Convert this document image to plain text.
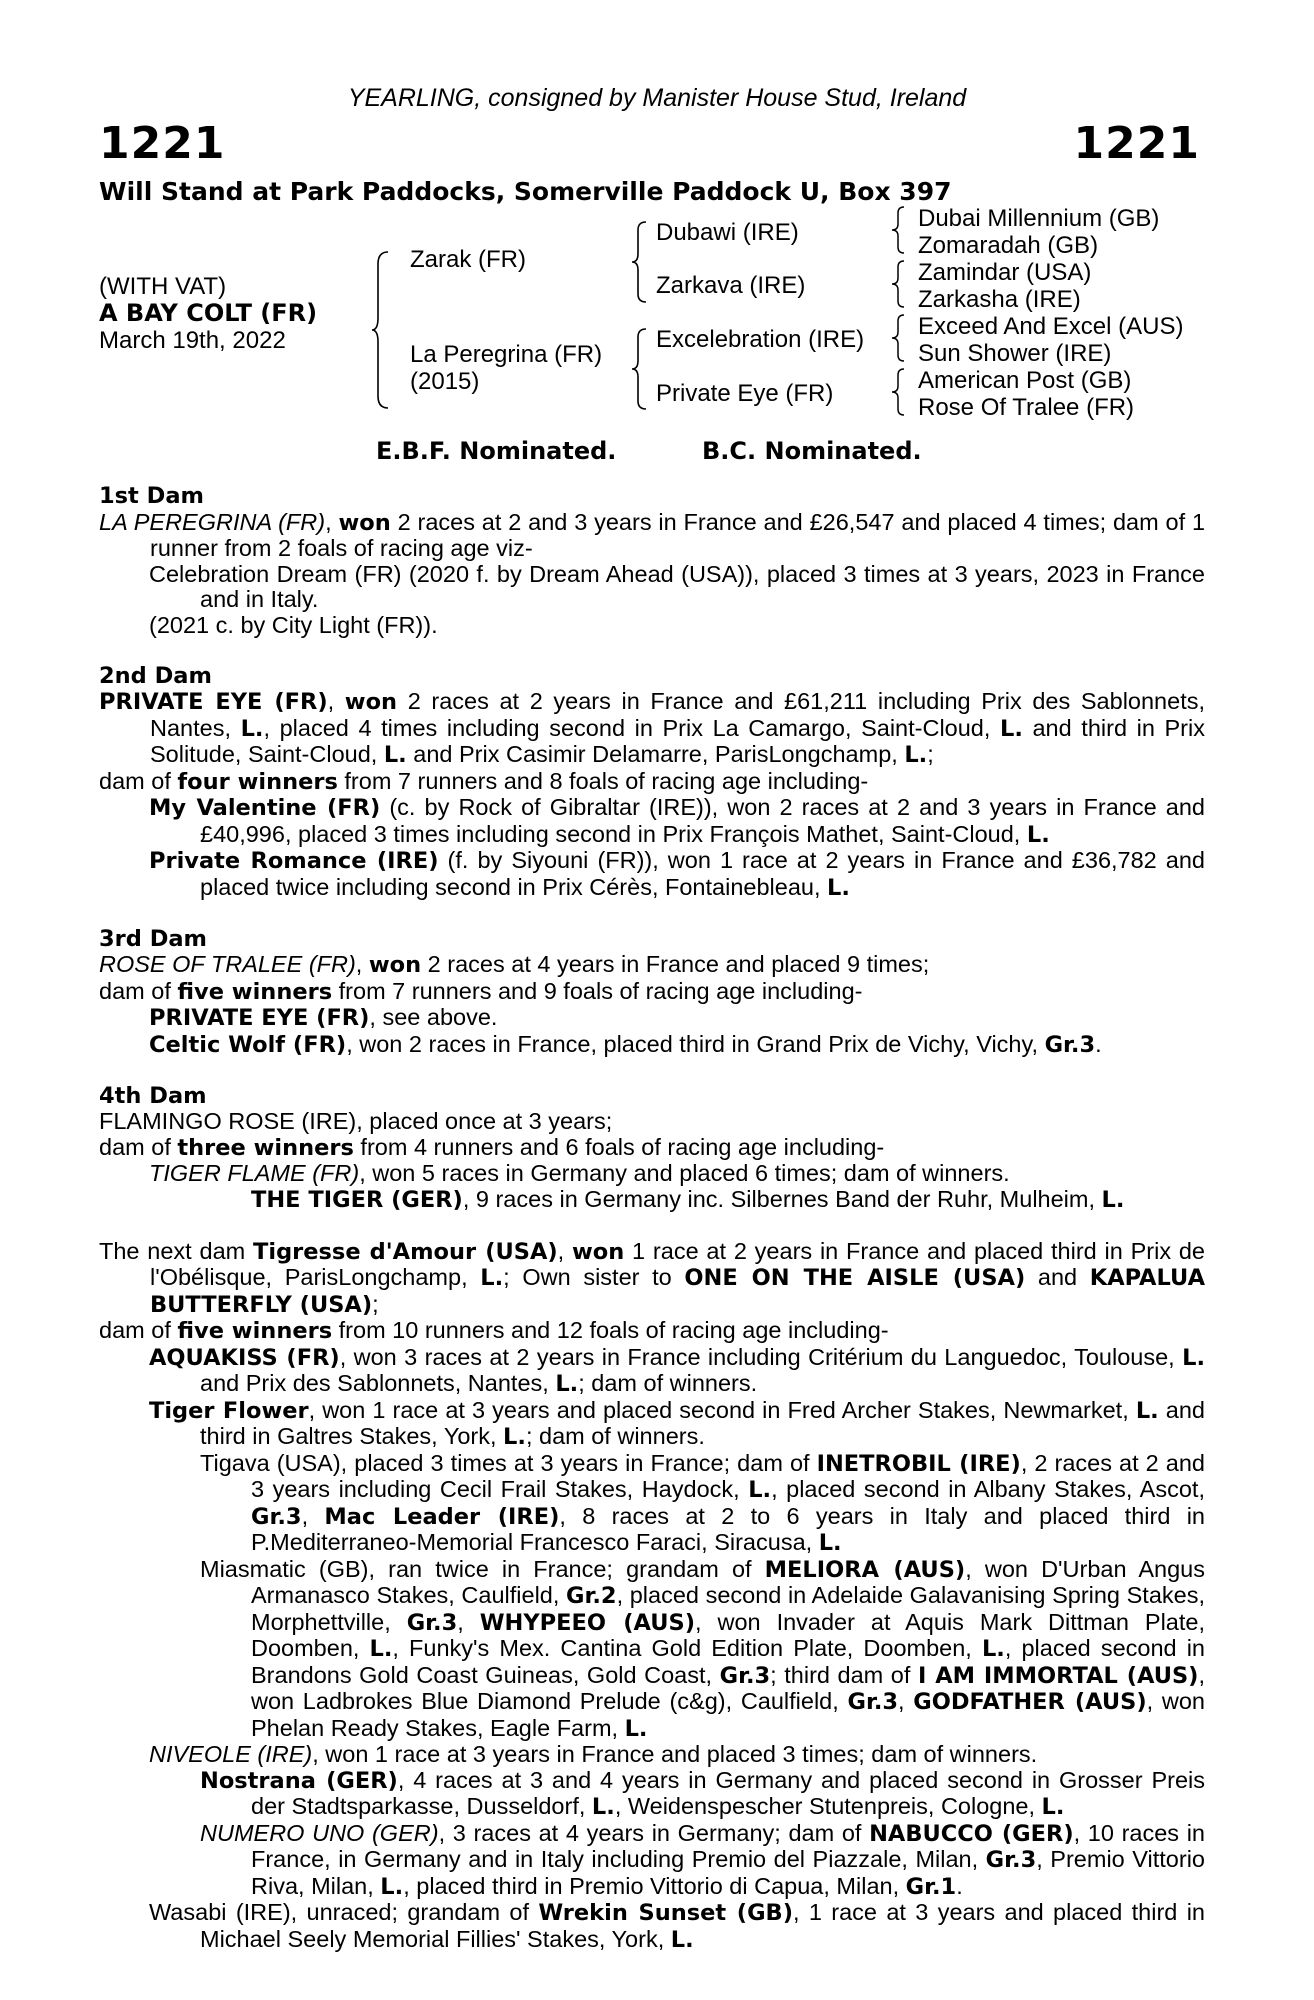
YEARLING, consigned by Manister House Stud, Ireland
1221	1221
Will Stand at Park Paddocks, Somerville Paddock U, Box 397
(WITH VAT)
A BAY COLT (FR)
March 19th, 2022
Zarak (FR)
La Peregrina (FR)
(2015)
Dubawi (IRE)
Zarkava (IRE)
Excelebration (IRE)
Private Eye (FR)
Dubai Millennium (GB)
Zomaradah (GB)
Zamindar (USA)
Zarkasha (IRE)
Exceed And Excel (AUS)
Sun Shower (IRE)
American Post (GB)
Rose Of Tralee (FR)
E.B.F. Nominated.	B.C. Nominated.
1st Dam
LA PEREGRINA (FR), won 2 races at 2 and 3 years in France and £26,547 and placed 4 times; dam of 1 runner from 2 foals of racing age viz-
Celebration Dream (FR) (2020 f. by Dream Ahead (USA)), placed 3 times at 3 years, 2023 in France and in Italy.
(2021 c. by City Light (FR)).
2nd Dam
PRIVATE EYE (FR), won 2 races at 2 years in France and £61,211 including Prix des Sablonnets, Nantes, L., placed 4 times including second in Prix La Camargo, Saint-Cloud, L. and third in Prix Solitude, Saint-Cloud, L. and Prix Casimir Delamarre, ParisLongchamp, L.;
dam of four winners from 7 runners and 8 foals of racing age including-
My Valentine (FR) (c. by Rock of Gibraltar (IRE)), won 2 races at 2 and 3 years in France and £40,996, placed 3 times including second in Prix François Mathet, Saint-Cloud, L.
Private Romance (IRE) (f. by Siyouni (FR)), won 1 race at 2 years in France and £36,782 and placed twice including second in Prix Cérès, Fontainebleau, L.
3rd Dam
ROSE OF TRALEE (FR), won 2 races at 4 years in France and placed 9 times;
dam of five winners from 7 runners and 9 foals of racing age including-
PRIVATE EYE (FR), see above.
Celtic Wolf (FR), won 2 races in France, placed third in Grand Prix de Vichy, Vichy, Gr.3.
4th Dam
FLAMINGO ROSE (IRE), placed once at 3 years;
dam of three winners from 4 runners and 6 foals of racing age including-
TIGER FLAME (FR), won 5 races in Germany and placed 6 times; dam of winners.
THE TIGER (GER), 9 races in Germany inc. Silbernes Band der Ruhr, Mulheim, L.
The next dam Tigresse d'Amour (USA), won 1 race at 2 years in France and placed third in Prix de l'Obélisque, ParisLongchamp, L.; Own sister to ONE ON THE AISLE (USA) and KAPALUA BUTTERFLY (USA);
dam of five winners from 10 runners and 12 foals of racing age including-
AQUAKISS (FR), won 3 races at 2 years in France including Critérium du Languedoc, Toulouse, L. and Prix des Sablonnets, Nantes, L.; dam of winners.
Tiger Flower, won 1 race at 3 years and placed second in Fred Archer Stakes, Newmarket, L. and third in Galtres Stakes, York, L.; dam of winners.
Tigava (USA), placed 3 times at 3 years in France; dam of INETROBIL (IRE), 2 races at 2 and 3 years including Cecil Frail Stakes, Haydock, L., placed second in Albany Stakes, Ascot, Gr.3, Mac Leader (IRE), 8 races at 2 to 6 years in Italy and placed third in P.Mediterraneo-Memorial Francesco Faraci, Siracusa, L.
Miasmatic (GB), ran twice in France; grandam of MELIORA (AUS), won D'Urban Angus Armanasco Stakes, Caulfield, Gr.2, placed second in Adelaide Galavanising Spring Stakes, Morphettville, Gr.3, WHYPEEO (AUS), won Invader at Aquis Mark Dittman Plate, Doomben, L., Funky's Mex. Cantina Gold Edition Plate, Doomben, L., placed second in Brandons Gold Coast Guineas, Gold Coast, Gr.3; third dam of I AM IMMORTAL (AUS), won Ladbrokes Blue Diamond Prelude (c&g), Caulfield, Gr.3, GODFATHER (AUS), won Phelan Ready Stakes, Eagle Farm, L.
NIVEOLE (IRE), won 1 race at 3 years in France and placed 3 times; dam of winners.
Nostrana (GER), 4 races at 3 and 4 years in Germany and placed second in Grosser Preis der Stadtsparkasse, Dusseldorf, L., Weidenspescher Stutenpreis, Cologne, L.
NUMERO UNO (GER), 3 races at 4 years in Germany; dam of NABUCCO (GER), 10 races in France, in Germany and in Italy including Premio del Piazzale, Milan, Gr.3, Premio Vittorio Riva, Milan, L., placed third in Premio Vittorio di Capua, Milan, Gr.1.
Wasabi (IRE), unraced; grandam of Wrekin Sunset (GB), 1 race at 3 years and placed third in Michael Seely Memorial Fillies' Stakes, York, L.
